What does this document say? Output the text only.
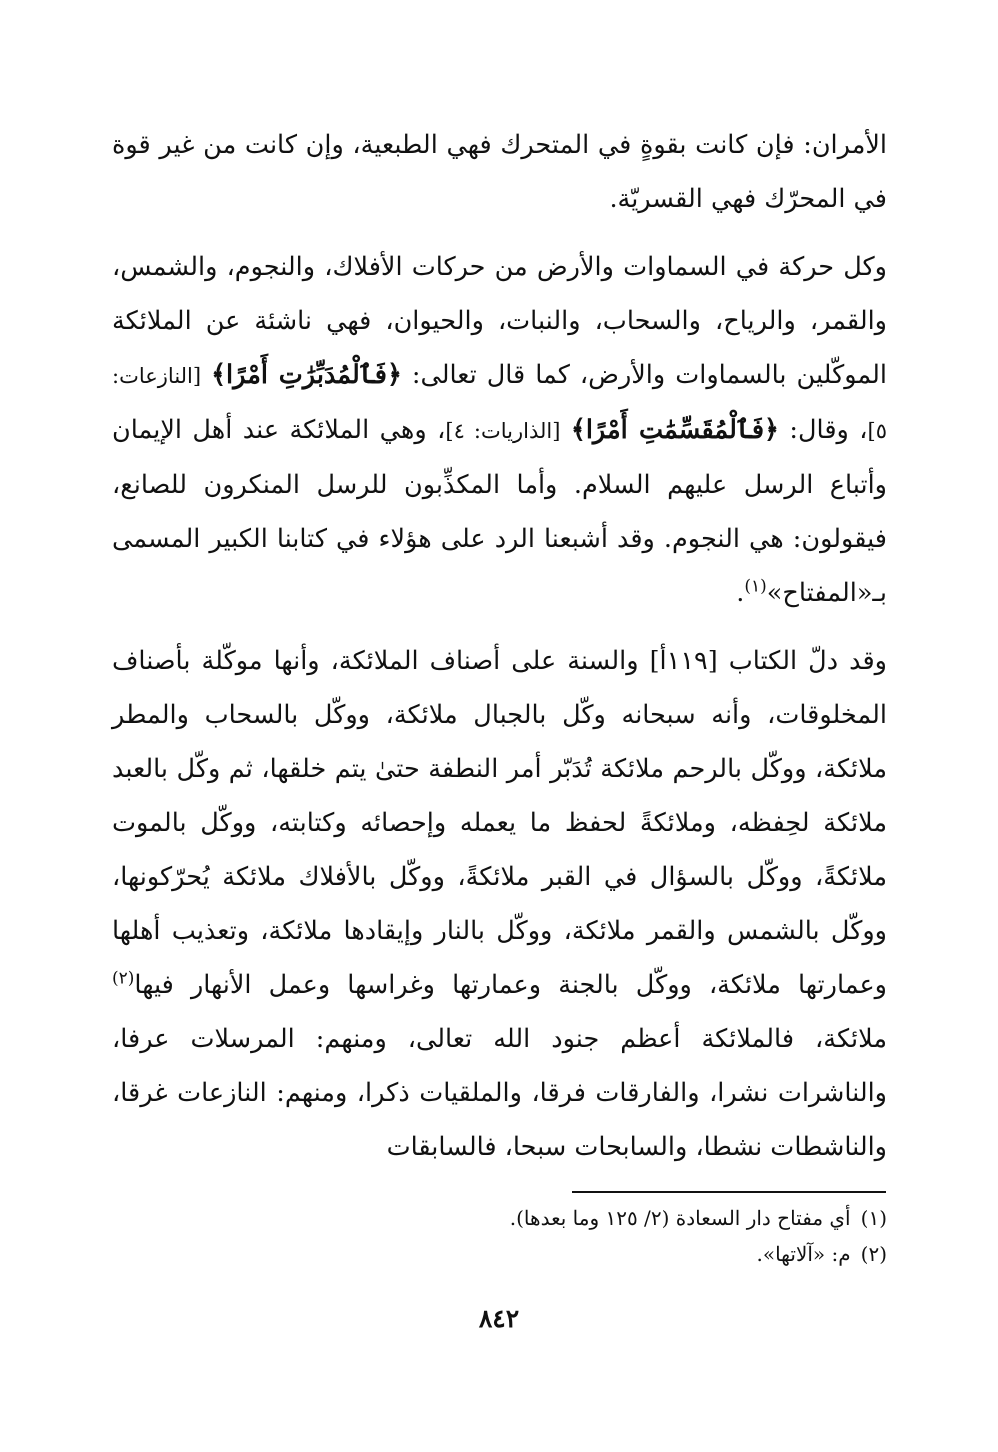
الأمران: فإن كانت بقوةٍ في المتحرك فهي الطبعية، وإن كانت من غير قوة في المحرّك فهي القسريّة.

وكل حركة في السماوات والأرض من حركات الأفلاك، والنجوم، والشمس، والقمر، والرياح، والسحاب، والنبات، والحيوان، فهي ناشئة عن الملائكة الموكّلين بالسماوات والأرض، كما قال تعالى: ﴿فَٱلْمُدَبِّرَٰتِ أَمْرًا﴾ [النازعات: ٥]، وقال: ﴿فَٱلْمُقَسِّمَٰتِ أَمْرًا﴾ [الذاريات: ٤]، وهي الملائكة عند أهل الإيمان وأتباع الرسل عليهم السلام. وأما المكذِّبون للرسل المنكرون للصانع، فيقولون: هي النجوم. وقد أشبعنا الرد على هؤلاء في كتابنا الكبير المسمى بـ«المفتاح»$^{(١)}$.

وقد دلّ الكتاب [١١٩أ] والسنة على أصناف الملائكة، وأنها موكّلة بأصناف المخلوقات، وأنه سبحانه وكّل بالجبال ملائكة، ووكّل بالسحاب والمطر ملائكة، ووكّل بالرحم ملائكة تُدَبّر أمر النطفة حتىٰ يتم خلقها، ثم وكّل بالعبد ملائكة لحِفظه، وملائكةً لحفظ ما يعمله وإحصائه وكتابته، ووكّل بالموت ملائكةً، ووكّل بالسؤال في القبر ملائكةً، ووكّل بالأفلاك ملائكة يُحرّكونها، ووكّل بالشمس والقمر ملائكة، ووكّل بالنار وإيقادها ملائكة، وتعذيب أهلها وعمارتها ملائكة، ووكّل بالجنة وعمارتها وغراسها وعمل الأنهار فيها$^{(٢)}$ ملائكة، فالملائكة أعظم جنود الله تعالى، ومنهم: المرسلات عرفا، والناشرات نشرا، والفارقات فرقا، والملقيات ذكرا، ومنهم: النازعات غرقا، والناشطات نشطا، والسابحات سبحا، فالسابقات

(١)أي مفتاح دار السعادة (٢/ ١٢٥ وما بعدها).

(٢)م: «آلاتها».

٨٤٢
